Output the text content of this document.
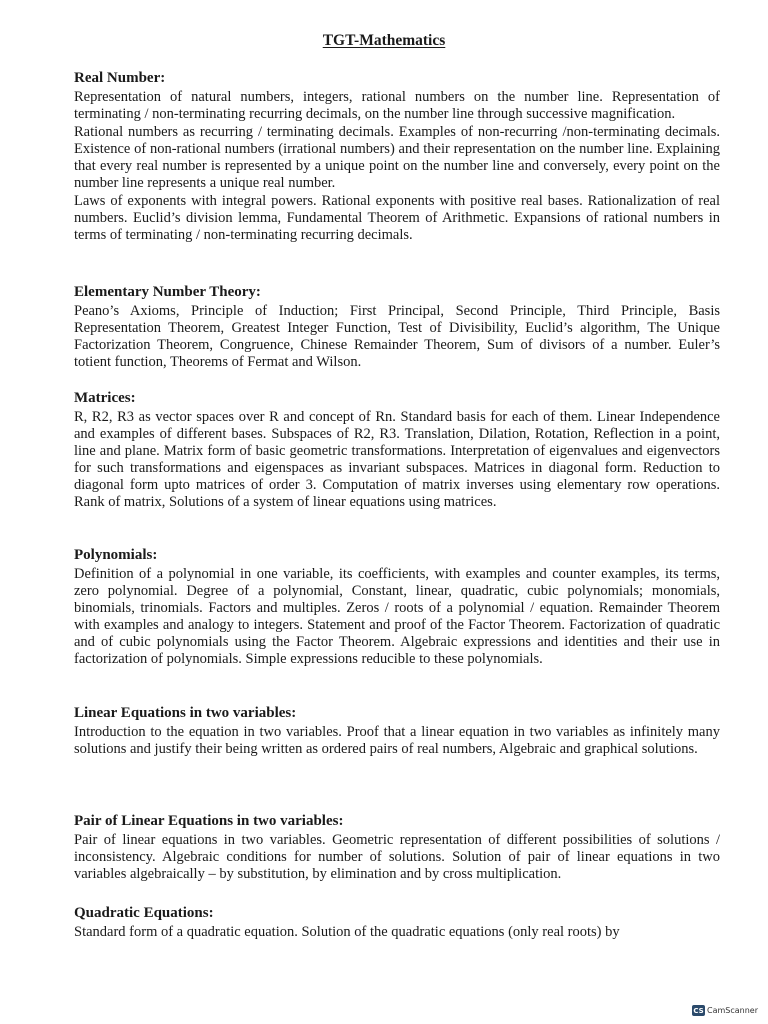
TGT-Mathematics
Real Number:

Representation of natural numbers, integers, rational numbers on the number line. Representation of terminating / non-terminating recurring decimals, on the number line through successive magnification.

Rational numbers as recurring / terminating decimals. Examples of non-recurring /non-terminating decimals. Existence of non-rational numbers (irrational numbers) and their representation on the number line. Explaining that every real number is represented by a unique point on the number line and conversely, every point on the number line represents a unique real number.

Laws of exponents with integral powers. Rational exponents with positive real bases. Rationalization of real numbers. Euclid’s division lemma, Fundamental Theorem of Arithmetic. Expansions of rational numbers in terms of terminating / non-terminating recurring decimals.

Elementary Number Theory:

Peano’s Axioms, Principle of Induction; First Principal, Second Principle, Third Principle, Basis Representation Theorem, Greatest Integer Function, Test of Divisibility, Euclid’s algorithm, The Unique Factorization Theorem, Congruence, Chinese Remainder Theorem, Sum of divisors of a number. Euler’s totient function, Theorems of Fermat and Wilson.

Matrices:

R, R2, R3 as vector spaces over R and concept of Rn. Standard basis for each of them. Linear Independence and examples of different bases. Subspaces of R2, R3. Translation, Dilation, Rotation, Reflection in a point, line and plane. Matrix form of basic geometric transformations. Interpretation of eigenvalues and eigenvectors for such transformations and eigenspaces as invariant subspaces. Matrices in diagonal form. Reduction to diagonal form upto matrices of order 3. Computation of matrix inverses using elementary row operations. Rank of matrix, Solutions of a system of linear equations using matrices.

Polynomials:

Definition of a polynomial in one variable, its coefficients, with examples and counter examples, its terms, zero polynomial. Degree of a polynomial, Constant, linear, quadratic, cubic polynomials; monomials, binomials, trinomials. Factors and multiples. Zeros / roots of a polynomial / equation. Remainder Theorem with examples and analogy to integers. Statement and proof of the Factor Theorem. Factorization of quadratic and of cubic polynomials using the Factor Theorem. Algebraic expressions and identities and their use in factorization of polynomials. Simple expressions reducible to these polynomials.

Linear Equations in two variables:

Introduction to the equation in two variables. Proof that a linear equation in two variables as infinitely many solutions and justify their being written as ordered pairs of real numbers, Algebraic and graphical solutions.

Pair of Linear Equations in two variables:

Pair of linear equations in two variables. Geometric representation of different possibilities of solutions / inconsistency. Algebraic conditions for number of solutions. Solution of pair of linear equations in two variables algebraically – by substitution, by elimination and by cross multiplication.

Quadratic Equations:

Standard form of a quadratic equation. Solution of the quadratic equations (only real roots) by

CS CamScanner
